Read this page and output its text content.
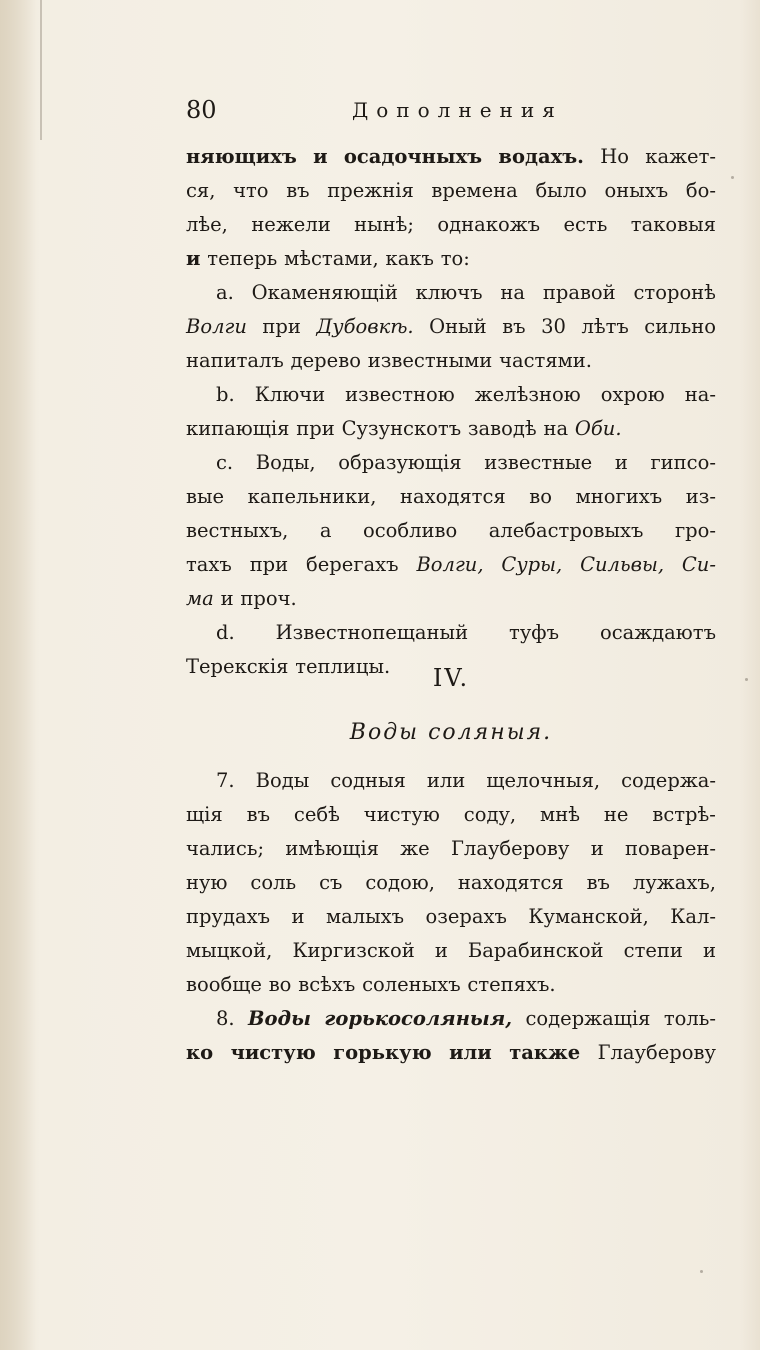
80	Дополнения
няющихъ и осадочныхъ водахъ. Но кажет-
ся, что въ прежнія времена было оныхъ бо-
лѣе, нежели нынѣ; однакожъ есть таковыя
и теперь мѣстами, какъ то:
a. Окаменяющій ключъ на правой сторонѣ
Волги при Дубовкѣ. Оный въ 30 лѣтъ сильно
напиталъ дерево известными частями.
b. Ключи известною желѣзною охрою на-
кипающія при Сузунскотъ заводѣ на Оби.
c. Воды, образующія известные и гипсо-
вые капельники, находятся во многихъ из-
вестныхъ, а особливо алебастровыхъ гро-
тахъ при берегахъ Волги, Суры, Сильвы, Си-
ма и проч.
d. Известнопещаный туфъ осаждаютъ
Терекскія теплицы.	IV.
Воды соляныя.
7. Воды содныя или щелочныя, содержа-
щія въ себѣ чистую соду, мнѣ не встрѣ-
чались; имѣющія же Глауберову и поварен-
ную соль съ содою, находятся въ лужахъ,
прудахъ и малыхъ озерахъ Куманской, Кал-
мыцкой, Киргизской и Барабинской степи и
вообще во всѣхъ соленыхъ степяхъ.
8. Воды горькосоляныя, содержащія толь-
ко чистую горькую или также Глауберову
